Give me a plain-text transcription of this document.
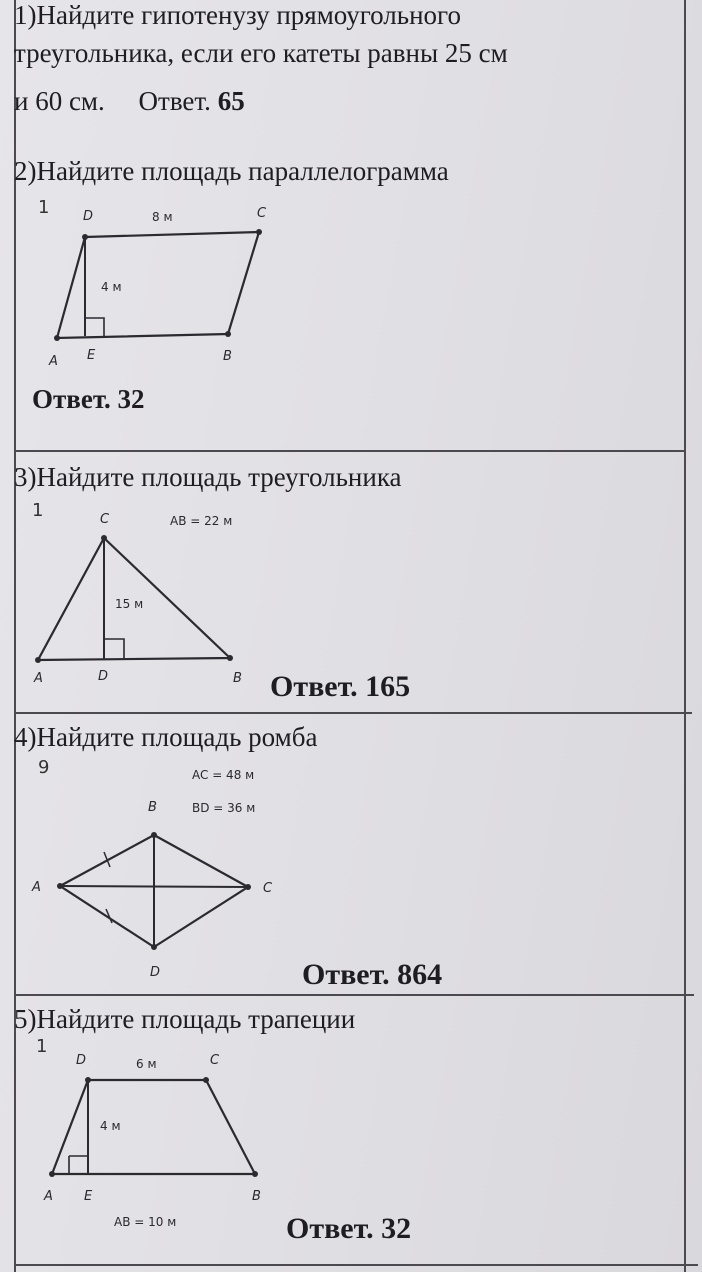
1)Найдите гипотенузу прямоугольного

треугольника, если его катеты равны 25 см

и 60 см. Ответ. 65

2)Найдите площадь параллелограмма

1	D	C
A E	B
8 м
4 м
Ответ. 32

3)Найдите площадь треугольника

1	C
A	D	B
AB = 22 м
15 м
Ответ. 165

4)Найдите площадь ромба

9
B
A	C
D
AC = 48 м
BD = 36 м
Ответ. 864

5)Найдите площадь трапеции

1
D	C
A E	B
6 м
4 м
AB = 10 м	Ответ. 32
